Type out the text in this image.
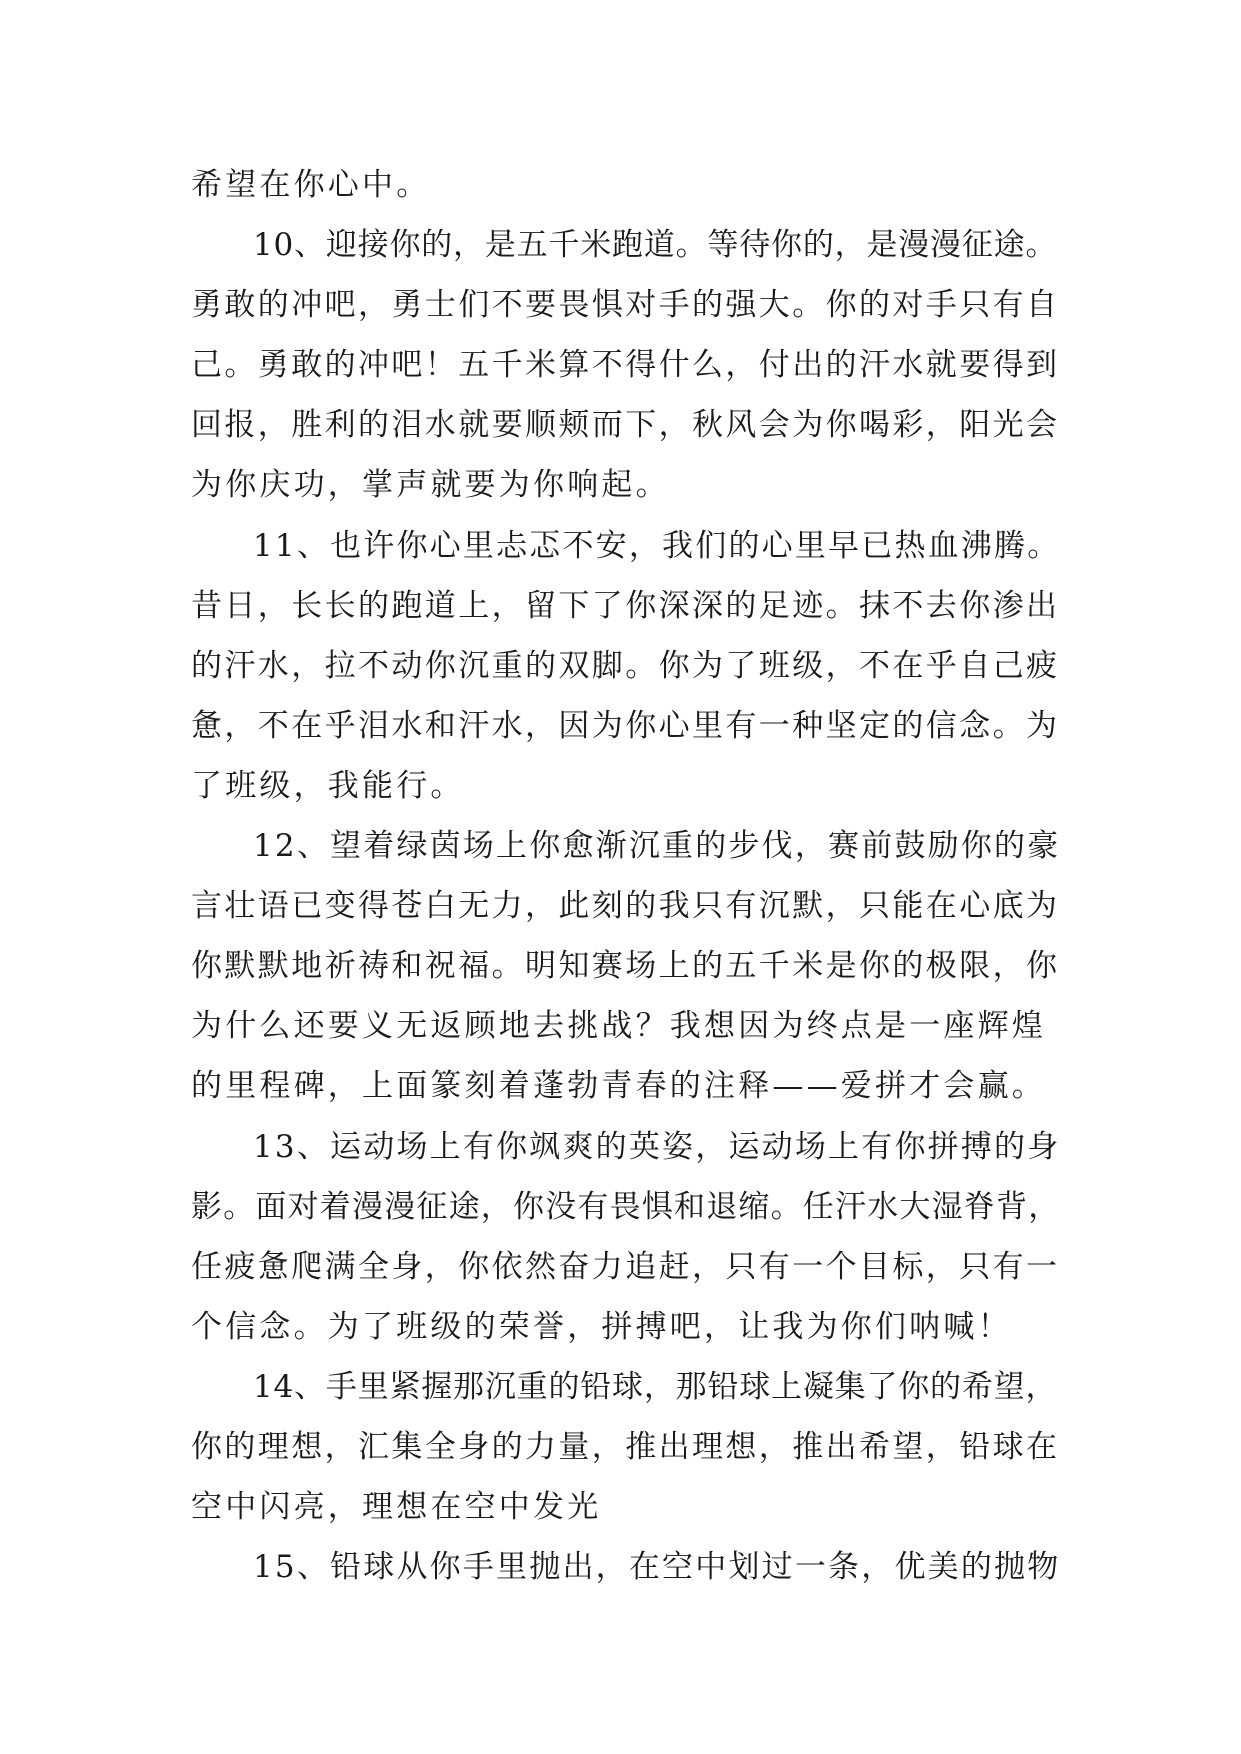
希望在你心中。
10、迎接你的，是五千米跑道。等待你的，是漫漫征途。
勇敢的冲吧，勇士们不要畏惧对手的强大。你的对手只有自
己。勇敢的冲吧！五千米算不得什么，付出的汗水就要得到
回报，胜利的泪水就要顺颊而下，秋风会为你喝彩，阳光会
为你庆功，掌声就要为你响起。
11、也许你心里忐忑不安，我们的心里早已热血沸腾。
昔日，长长的跑道上，留下了你深深的足迹。抹不去你渗出
的汗水，拉不动你沉重的双脚。你为了班级，不在乎自己疲
惫，不在乎泪水和汗水，因为你心里有一种坚定的信念。为
了班级，我能行。
12、望着绿茵场上你愈渐沉重的步伐，赛前鼓励你的豪
言壮语已变得苍白无力，此刻的我只有沉默，只能在心底为
你默默地祈祷和祝福。明知赛场上的五千米是你的极限，你
为什么还要义无返顾地去挑战？我想因为终点是一座辉煌
的里程碑，上面篆刻着蓬勃青春的注释——爱拼才会赢。
13、运动场上有你飒爽的英姿，运动场上有你拼搏的身
影。面对着漫漫征途，你没有畏惧和退缩。任汗水大湿脊背，
任疲惫爬满全身，你依然奋力追赶，只有一个目标，只有一
个信念。为了班级的荣誉，拼搏吧，让我为你们呐喊！
14、手里紧握那沉重的铅球，那铅球上凝集了你的希望，
你的理想，汇集全身的力量，推出理想，推出希望，铅球在
空中闪亮，理想在空中发光
15、铅球从你手里抛出，在空中划过一条，优美的抛物
